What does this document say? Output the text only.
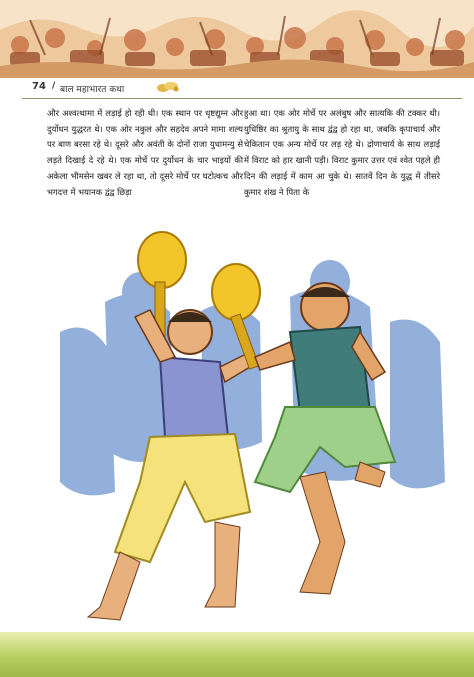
74 / बाल महाभारत कथा

और अश्वत्थामा में लड़ाई हो रही थी। एक स्थान पर धृष्टद्युम्न और दुर्योधन युद्धरत थे। एक ओर नकुल और सहदेव अपने मामा शल्य पर बाण बरसा रहे थे। दूसरे और अवंती के दोनों राजा युधामन्यु से लड़ते दिखाई दे रहे थे। एक मोर्चे पर दुर्योधन के चार भाइयों की अकेला भीमसेन खबर ले रहा था, तो दूसरे मोर्चे पर घटोत्कच और भगदत्त में भयानक द्वंद्व छिड़ा

हुआ था। एक ओर मोर्चे पर अलंबुष और सात्यकि की टक्कर थी। युधिष्ठिर का श्रुतायु के साथ द्वंद्व हो रहा था, जबकि कृपाचार्य और चेकितान एक अन्य मोर्चे पर लड़ रहे थे। द्रोणाचार्य के साथ लड़ाई में विराट को हार खानी पड़ी। विराट कुमार उत्तर एवं श्वेत पहले ही दिन की लड़ाई में काम आ चुके थे। सातवें दिन के युद्ध में तीसरे कुमार शंख ने पिता के
